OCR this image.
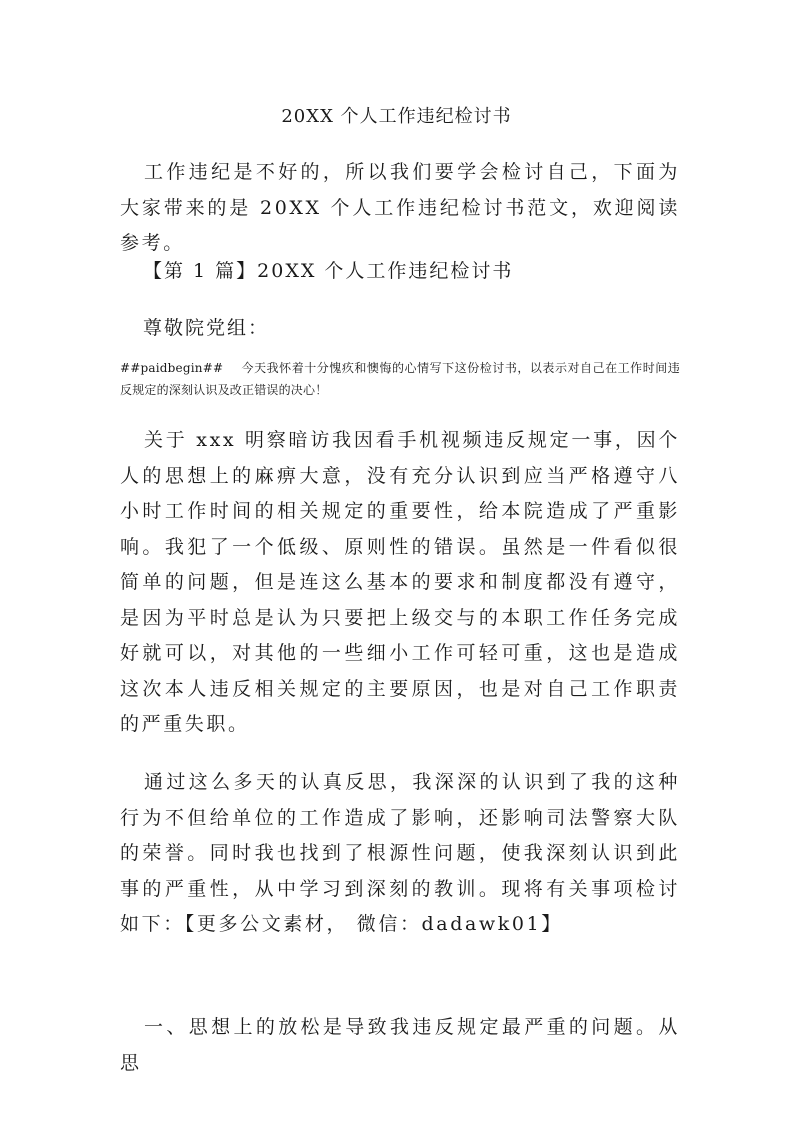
20XX 个人工作违纪检讨书

工作违纪是不好的，所以我们要学会检讨自己，下面为大家带来的是 20XX 个人工作违纪检讨书范文，欢迎阅读参考。

【第 1 篇】20XX 个人工作违纪检讨书
尊敬院党组：
##paidbegin## 今天我怀着十分愧疚和懊悔的心情写下这份检讨书，以表示对自己在工作时间违反规定的深刻认识及改正错误的决心！

关于 xxx 明察暗访我因看手机视频违反规定一事，因个人的思想上的麻痹大意，没有充分认识到应当严格遵守八小时工作时间的相关规定的重要性，给本院造成了严重影响。我犯了一个低级、原则性的错误。虽然是一件看似很简单的问题，但是连这么基本的要求和制度都没有遵守，是因为平时总是认为只要把上级交与的本职工作任务完成好就可以，对其他的一些细小工作可轻可重，这也是造成这次本人违反相关规定的主要原因，也是对自己工作职责的严重失职。

通过这么多天的认真反思，我深深的认识到了我的这种行为不但给单位的工作造成了影响，还影响司法警察大队的荣誉。同时我也找到了根源性问题，使我深刻认识到此事的严重性，从中学习到深刻的教训。现将有关事项检讨如下：【更多公文素材， 微信：dadawk01】

一、思想上的放松是导致我违反规定最严重的问题。从思
